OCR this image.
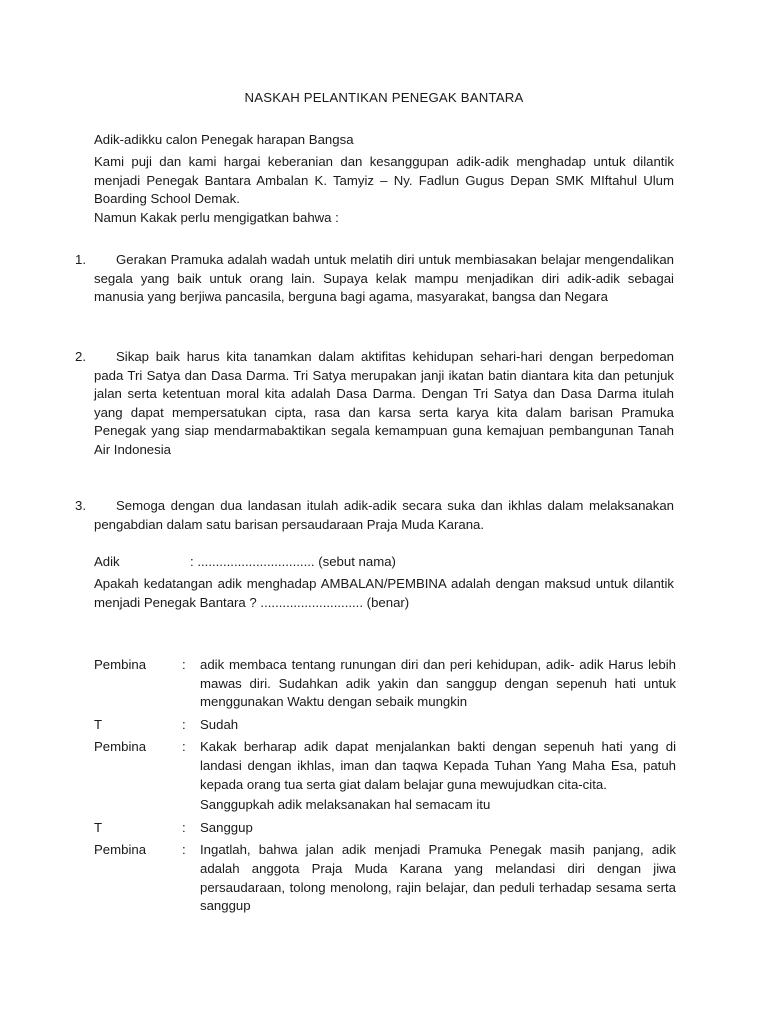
NASKAH PELANTIKAN PENEGAK BANTARA
Adik-adikku calon Penegak harapan Bangsa
Kami puji dan kami hargai keberanian dan kesanggupan adik-adik menghadap untuk dilantik menjadi Penegak Bantara Ambalan K. Tamyiz – Ny. Fadlun Gugus Depan SMK MIftahul Ulum Boarding School Demak.
Namun Kakak perlu mengigatkan bahwa :
1.	Gerakan Pramuka adalah wadah untuk melatih diri untuk membiasakan belajar mengendalikan segala yang baik untuk orang lain. Supaya kelak mampu menjadikan diri adik-adik sebagai manusia yang berjiwa pancasila, berguna bagi agama, masyarakat, bangsa dan Negara
2.	Sikap baik harus kita tanamkan dalam aktifitas kehidupan sehari-hari dengan berpedoman pada Tri Satya dan Dasa Darma. Tri Satya merupakan janji ikatan batin diantara kita dan petunjuk jalan serta ketentuan moral kita adalah Dasa Darma. Dengan Tri Satya dan Dasa Darma itulah yang dapat mempersatukan cipta, rasa dan karsa serta karya kita dalam barisan Pramuka Penegak yang siap mendarmabaktikan segala kemampuan guna kemajuan pembangunan Tanah Air Indonesia
3.	Semoga dengan dua landasan itulah adik-adik secara suka dan ikhlas dalam melaksanakan pengabdian dalam satu barisan persaudaraan Praja Muda Karana.
Adik	: ................................ (sebut nama)
Apakah kedatangan adik menghadap AMBALAN/PEMBINA adalah dengan maksud untuk dilantik menjadi Penegak Bantara ? ............................ (benar)
Pembina	:	adik membaca tentang runungan diri dan peri kehidupan, adik- adik Harus lebih mawas diri. Sudahkan adik yakin dan sanggup dengan sepenuh hati untuk menggunakan Waktu dengan sebaik mungkin
T	:	Sudah
Pembina	:	Kakak berharap adik dapat menjalankan bakti dengan sepenuh hati yang di landasi dengan ikhlas, iman dan taqwa Kepada Tuhan Yang Maha Esa, patuh kepada orang tua serta giat dalam belajar guna mewujudkan cita-cita.
Sanggupkah adik melaksanakan hal semacam itu
T	:	Sanggup
Pembina	:	Ingatlah, bahwa jalan adik menjadi Pramuka Penegak masih panjang, adik adalah anggota Praja Muda Karana yang melandasi diri dengan jiwa persaudaraan, tolong menolong, rajin belajar, dan peduli terhadap sesama serta sanggup
